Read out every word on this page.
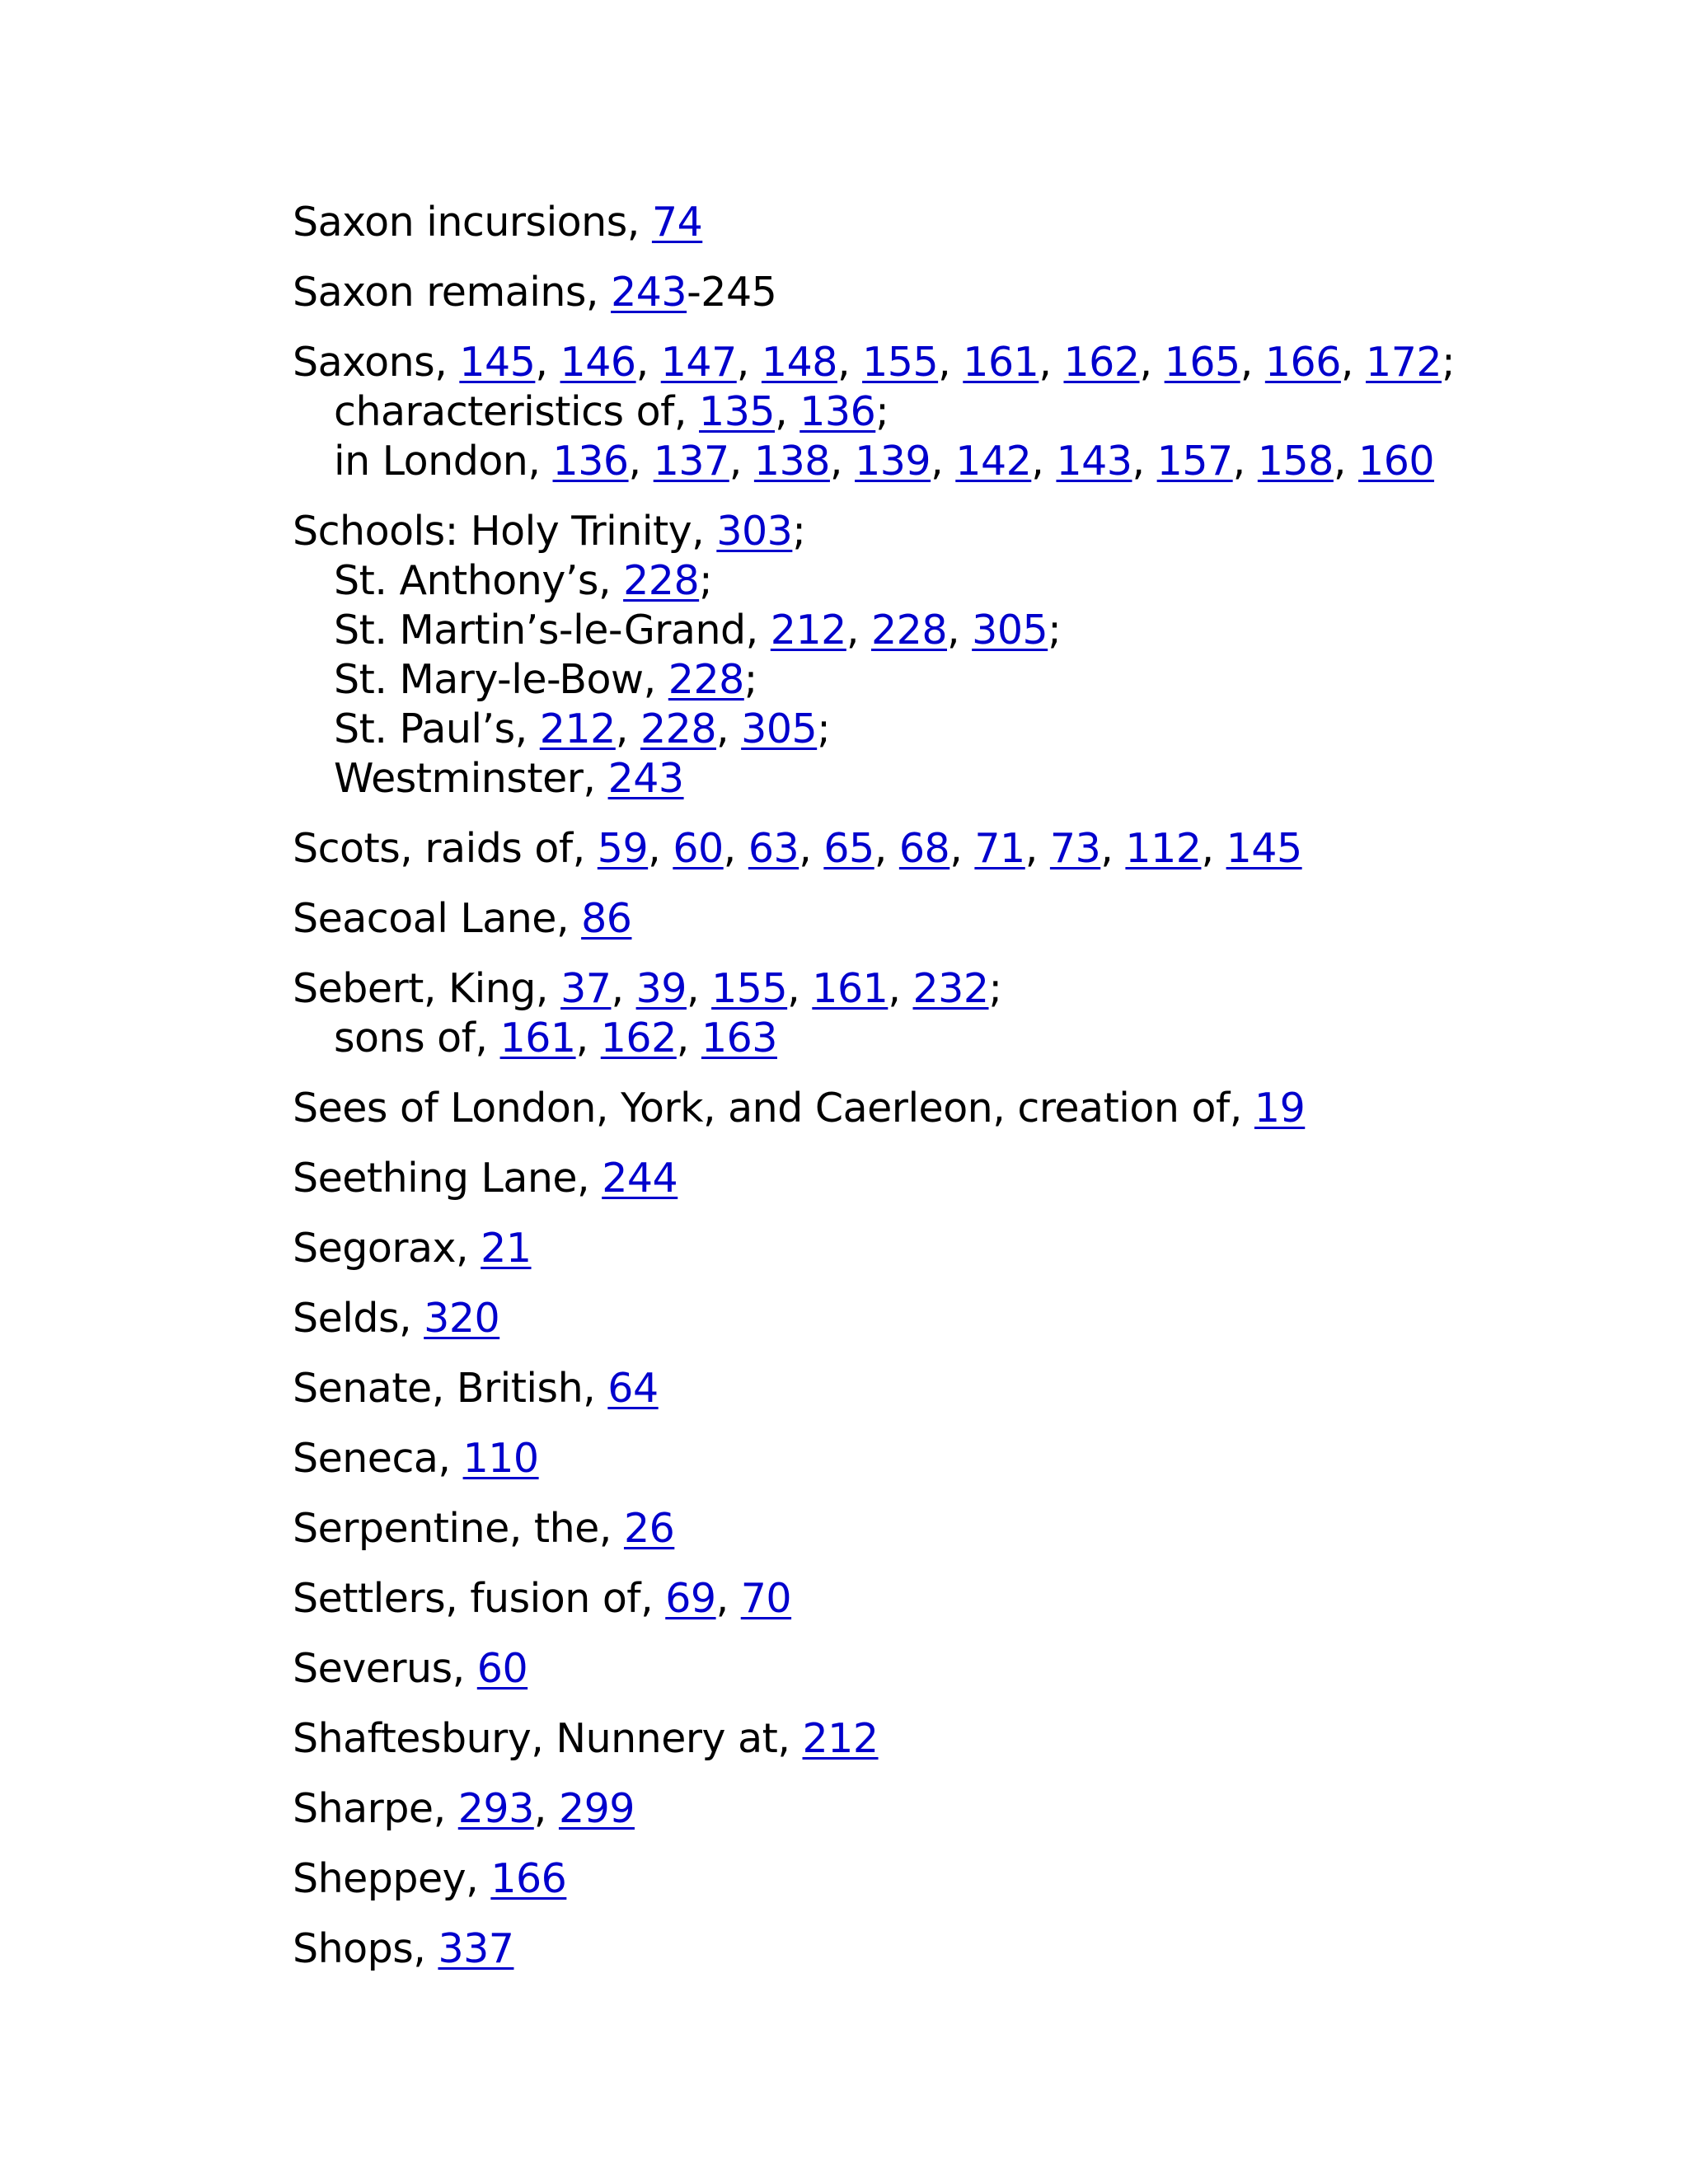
Saxon incursions, 74
Saxon remains, 243-245
Saxons, 145, 146, 147, 148, 155, 161, 162, 165, 166, 172;
characteristics of, 135, 136;
in London, 136, 137, 138, 139, 142, 143, 157, 158, 160
Schools: Holy Trinity, 303;
St. Anthony’s, 228;
St. Martin’s-le-Grand, 212, 228, 305;
St. Mary-le-Bow, 228;
St. Paul’s, 212, 228, 305;
Westminster, 243
Scots, raids of, 59, 60, 63, 65, 68, 71, 73, 112, 145
Seacoal Lane, 86
Sebert, King, 37, 39, 155, 161, 232;
sons of, 161, 162, 163
Sees of London, York, and Caerleon, creation of, 19
Seething Lane, 244
Segorax, 21
Selds, 320
Senate, British, 64
Seneca, 110
Serpentine, the, 26
Settlers, fusion of, 69, 70
Severus, 60
Shaftesbury, Nunnery at, 212
Sharpe, 293, 299
Sheppey, 166
Shops, 337
